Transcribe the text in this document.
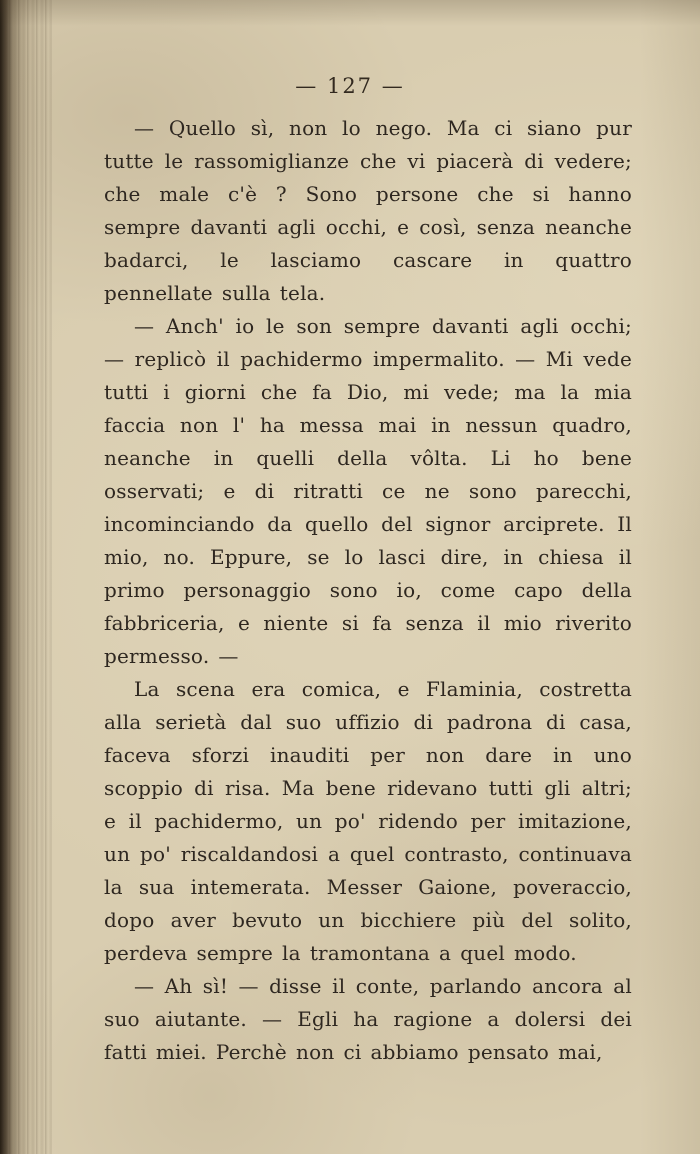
— 127 —

— Quello sì, non lo nego. Ma ci siano pur tutte le rassomiglianze che vi piacerà di vedere; che male c'è ? Sono persone che si hanno sempre davanti agli occhi, e così, senza neanche badarci, le lasciamo cascare in quattro pennellate sulla tela.

— Anch' io le son sempre davanti agli occhi; — replicò il pachidermo impermalito. — Mi vede tutti i giorni che fa Dio, mi vede; ma la mia faccia non l' ha messa mai in nessun quadro, neanche in quelli della vôlta. Li ho bene osservati; e di ritratti ce ne sono parecchi, incominciando da quello del signor arciprete. Il mio, no. Eppure, se lo lasci dire, in chiesa il primo personaggio sono io, come capo della fabbriceria, e niente si fa senza il mio riverito permesso. —

La scena era comica, e Flaminia, costretta alla serietà dal suo uffizio di padrona di casa, faceva sforzi inauditi per non dare in uno scoppio di risa. Ma bene ridevano tutti gli altri; e il pachidermo, un po' ridendo per imitazione, un po' riscaldandosi a quel contrasto, continuava la sua intemerata. Messer Gaione, poveraccio, dopo aver bevuto un bicchiere più del solito, perdeva sempre la tramontana a quel modo.

— Ah sì! — disse il conte, parlando ancora al suo aiutante. — Egli ha ragione a dolersi dei fatti miei. Perchè non ci abbiamo pensato mai,
